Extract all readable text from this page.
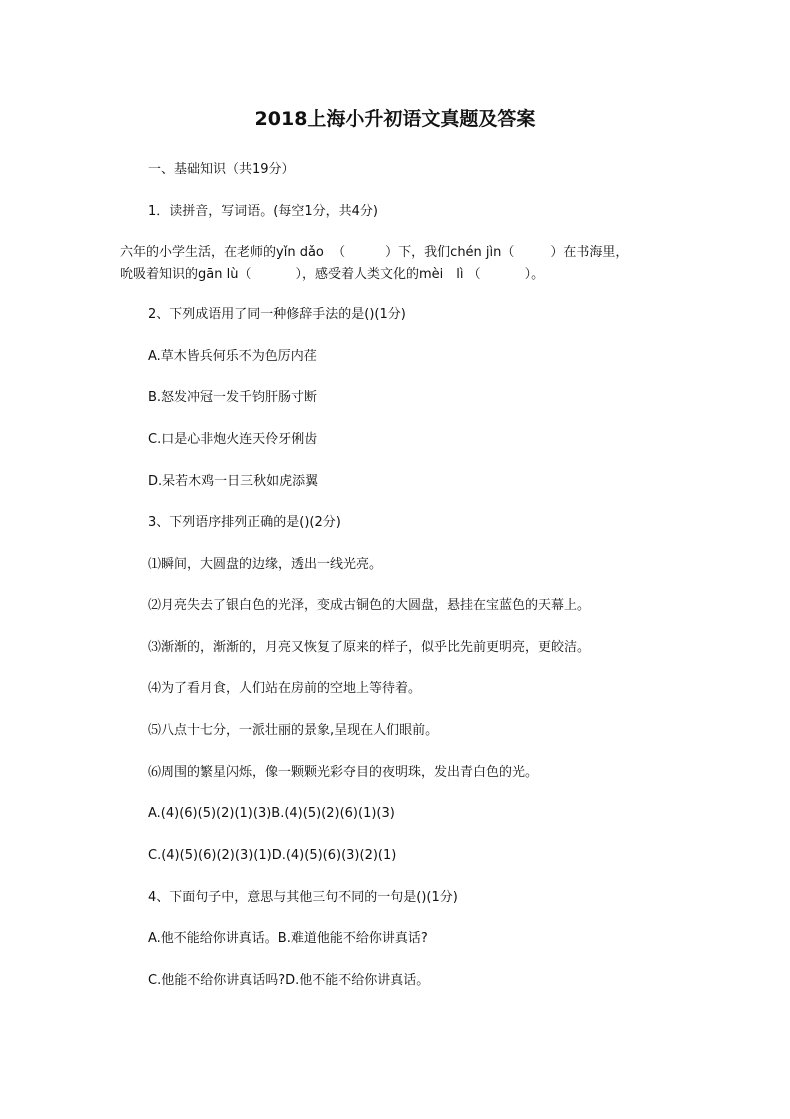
2018上海小升初语文真题及答案
一、基础知识（共19分）
1．读拼音，写词语。(每空1分，共4分)
六年的小学生活，在老师的yǐn dǎo （	）下，我们chén jìn（	）在书海里，
吮吸着知识的gān lù（	），感受着人类文化的mèi　lì （	）。
2、下列成语用了同一种修辞手法的是()(1分)
A.草木皆兵何乐不为色厉内荏
B.怒发冲冠一发千钧肝肠寸断
C.口是心非炮火连天伶牙俐齿
D.呆若木鸡一日三秋如虎添翼
3、下列语序排列正确的是()(2分)
⑴瞬间，大圆盘的边缘，透出一线光亮。
⑵月亮失去了银白色的光泽，变成古铜色的大圆盘，悬挂在宝蓝色的天幕上。
⑶渐渐的，渐渐的，月亮又恢复了原来的样子，似乎比先前更明亮，更皎洁。
⑷为了看月食，人们站在房前的空地上等待着。
⑸八点十七分，一派壮丽的景象,呈现在人们眼前。
⑹周围的繁星闪烁，像一颗颗光彩夺目的夜明珠，发出青白色的光。
A.(4)(6)(5)(2)(1)(3)B.(4)(5)(2)(6)(1)(3)
C.(4)(5)(6)(2)(3)(1)D.(4)(5)(6)(3)(2)(1)
4、下面句子中，意思与其他三句不同的一句是()(1分)
A.他不能给你讲真话。B.难道他能不给你讲真话?
C.他能不给你讲真话吗?D.他不能不给你讲真话。
